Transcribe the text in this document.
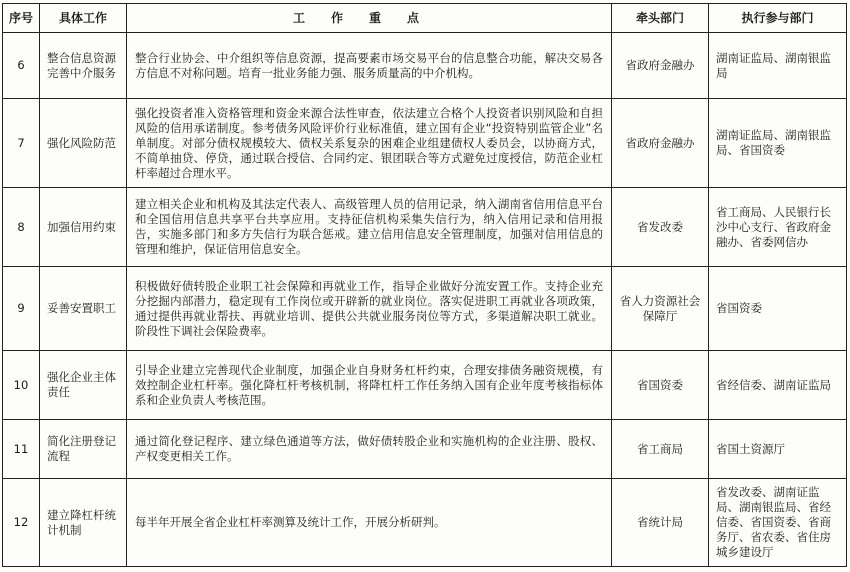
序号	具体工作	工作重点	牵头部门	执行参与部门
6	整合信息资源完善中介服务	整合行业协会、中介组织等信息资源，提高要素市场交易平台的信息整合功能，解决交易各方信息不对称问题。培育一批业务能力强、服务质量高的中介机构。	省政府金融办	湖南证监局、湖南银监局
7	强化风险防范	强化投资者准入资格管理和资金来源合法性审查，依法建立合格个人投资者识别风险和自担风险的信用承诺制度。参考债务风险评价行业标准值，建立国有企业“投资特别监管企业”名单制度。对部分债权规模较大、债权关系复杂的困难企业组建债权人委员会，以协商方式，不简单抽贷、停贷，通过联合授信、合同约定、银团联合等方式避免过度授信，防范企业杠杆率超过合理水平。	省政府金融办	湖南证监局、湖南银监局、省国资委
8	加强信用约束	建立相关企业和机构及其法定代表人、高级管理人员的信用记录，纳入湖南省信用信息平台和全国信用信息共享平台共享应用。支持征信机构采集失信行为，纳入信用记录和信用报告，实施多部门和多方失信行为联合惩戒。建立信用信息安全管理制度，加强对信用信息的管理和维护，保证信用信息安全。	省发改委	省工商局、人民银行长沙中心支行、省政府金融办、省委网信办
9	妥善安置职工	积极做好债转股企业职工社会保障和再就业工作，指导企业做好分流安置工作。支持企业充分挖掘内部潜力，稳定现有工作岗位或开辟新的就业岗位。落实促进职工再就业各项政策，通过提供再就业帮扶、再就业培训、提供公共就业服务岗位等方式，多渠道解决职工就业。阶段性下调社会保险费率。	省人力资源社会保障厅	省国资委
10	强化企业主体责任	引导企业建立完善现代企业制度，加强企业自身财务杠杆约束，合理安排债务融资规模，有效控制企业杠杆率。强化降杠杆考核机制，将降杠杆工作任务纳入国有企业年度考核指标体系和企业负责人考核范围。	省国资委	省经信委、湖南证监局
11	简化注册登记流程	通过简化登记程序、建立绿色通道等方法，做好债转股企业和实施机构的企业注册、股权、产权变更相关工作。	省工商局	省国土资源厅
12	建立降杠杆统计机制	每半年开展全省企业杠杆率测算及统计工作，开展分析研判。	省统计局	省发改委、湖南证监局、湖南银监局、省经信委、省国资委、省商务厅、省农委、省住房城乡建设厅
